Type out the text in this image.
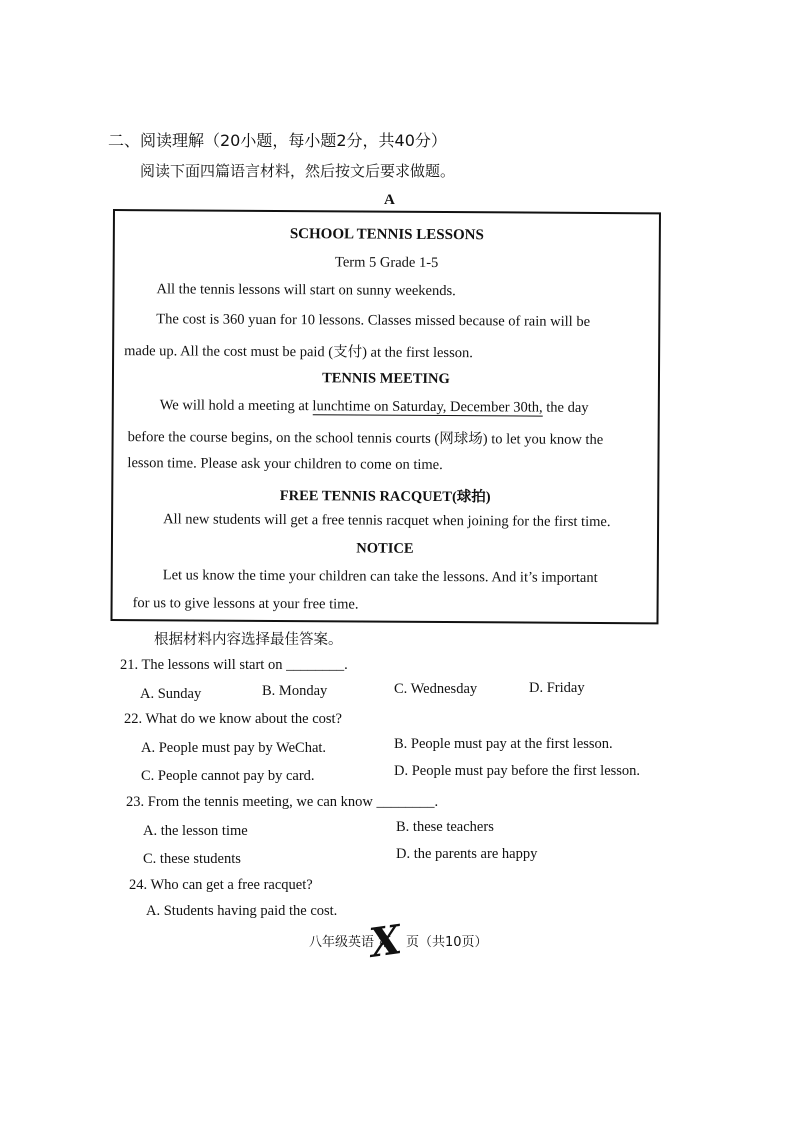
二、阅读理解（20小题，每小题2分，共40分）
阅读下面四篇语言材料，然后按文后要求做题。
A
SCHOOL TENNIS LESSONS
Term 5 Grade 1-5
All the tennis lessons will start on sunny weekends.
The cost is 360 yuan for 10 lessons. Classes missed because of rain will be
made up. All the cost must be paid (支付) at the first lesson.
TENNIS MEETING
We will hold a meeting at lunchtime on Saturday, December 30th, the day
before the course begins, on the school tennis courts (网球场) to let you know the
lesson time. Please ask your children to come on time.
FREE TENNIS RACQUET(球拍)
All new students will get a free tennis racquet when joining for the first time.
NOTICE
Let us know the time your children can take the lessons. And it’s important
for us to give lessons at your free time.
根据材料内容选择最佳答案。
21. The lessons will start on ________.
A. Sunday	B. Monday	C. Wednesday	D. Friday
22. What do we know about the cost?
A. People must pay by WeChat.	B. People must pay at the first lesson.
C. People cannot pay by card.	D. People must pay before the first lesson.
23. From the tennis meeting, we can know ________.
A. the lesson time	B. these teachers
C. these students	D. the parents are happy
24. Who can get a free racquet?
A. Students having paid the cost.
八年级英语 第
X 页（共10页）
